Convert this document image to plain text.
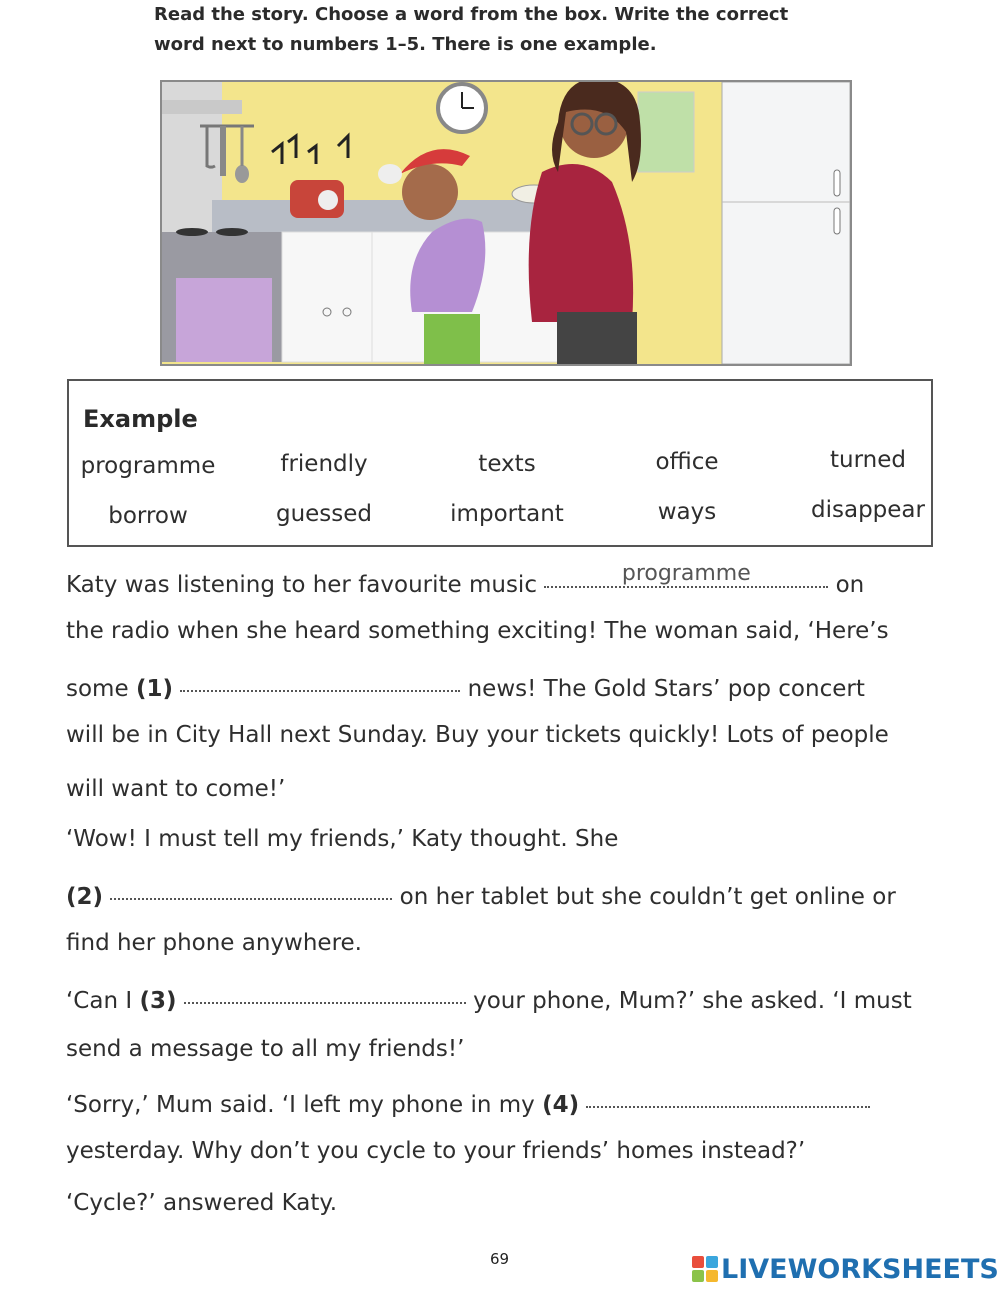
Read the story. Choose a word from the box. Write the correct
word next to numbers 1–5. There is one example.
Example
programme	friendly	texts	office	turned
borrow	guessed	important	ways	disappear
Katy was listening to her favourite music	programme	on
the radio when she heard something exciting! The woman said, ‘Here’s
some (1)	news! The Gold Stars’ pop concert
will be in City Hall next Sunday. Buy your tickets quickly! Lots of people
will want to come!’
‘Wow! I must tell my friends,’ Katy thought. She
(2)	on her tablet but she couldn’t get online or
find her phone anywhere.
‘Can I (3)	your phone, Mum?’ she asked. ‘I must
send a message to all my friends!’
‘Sorry,’ Mum said. ‘I left my phone in my (4)
yesterday. Why don’t you cycle to your friends’ homes instead?’
‘Cycle?’ answered Katy.
69	LIVEWORKSHEETS
